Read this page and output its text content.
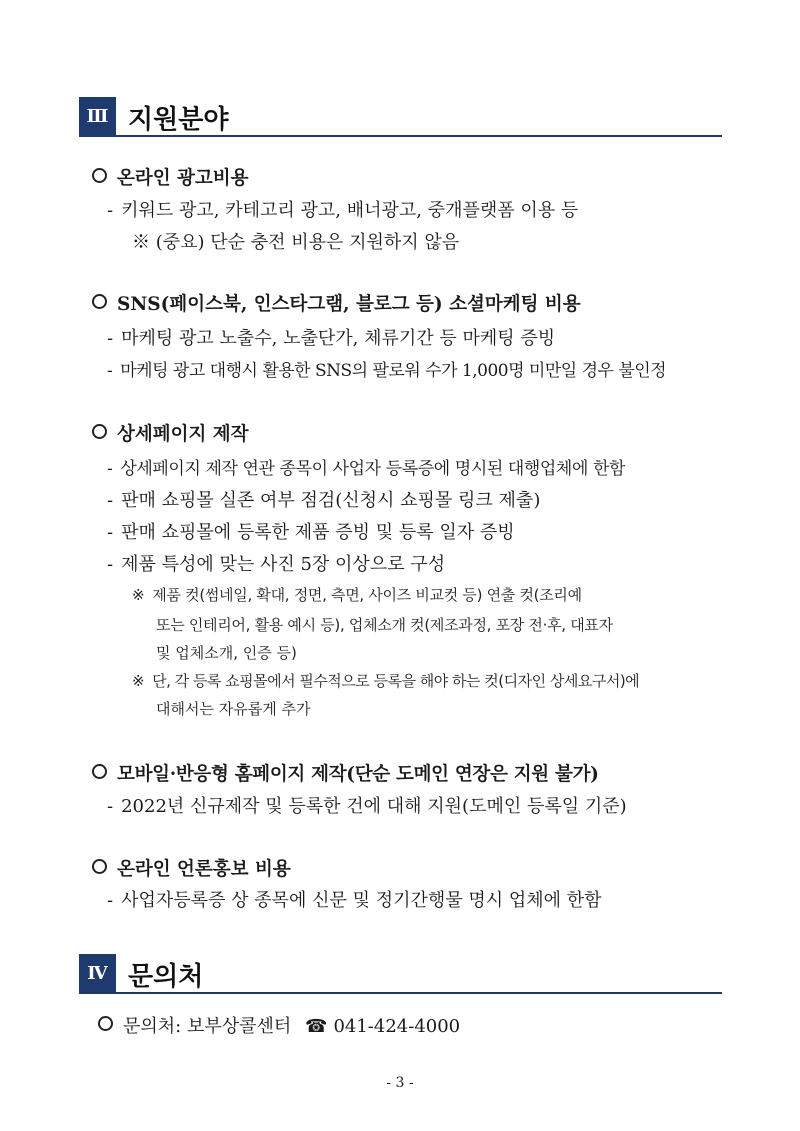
Ⅲ 지원분야
온라인 광고비용
- 키워드 광고, 카테고리 광고, 배너광고, 중개플랫폼 이용 등
※ (중요) 단순 충전 비용은 지원하지 않음
SNS(페이스북, 인스타그램, 블로그 등) 소셜마케팅 비용
- 마케팅 광고 노출수, 노출단가, 체류기간 등 마케팅 증빙
- 마케팅 광고 대행시 활용한 SNS의 팔로워 수가 1,000명 미만일 경우 불인정
상세페이지 제작
- 상세페이지 제작 연관 종목이 사업자 등록증에 명시된 대행업체에 한함
- 판매 쇼핑몰 실존 여부 점검(신청시 쇼핑몰 링크 제출)
- 판매 쇼핑몰에 등록한 제품 증빙 및 등록 일자 증빙
- 제품 특성에 맞는 사진 5장 이상으로 구성
※ 제품 컷(썸네일, 확대, 정면, 측면, 사이즈 비교컷 등) 연출 컷(조리예
또는 인테리어, 활용 예시 등), 업체소개 컷(제조과정, 포장 전·후, 대표자
및 업체소개, 인증 등)
※ 단, 각 등록 쇼핑몰에서 필수적으로 등록을 해야 하는 컷(디자인 상세요구서)에
대해서는 자유롭게 추가
모바일·반응형 홈페이지 제작(단순 도메인 연장은 지원 불가)
- 2022년 신규제작 및 등록한 건에 대해 지원(도메인 등록일 기준)
온라인 언론홍보 비용
- 사업자등록증 상 종목에 신문 및 정기간행물 명시 업체에 한함
Ⅳ 문의처
문의처: 보부상콜센터 ☎ 041-424-4000
- 3 -
